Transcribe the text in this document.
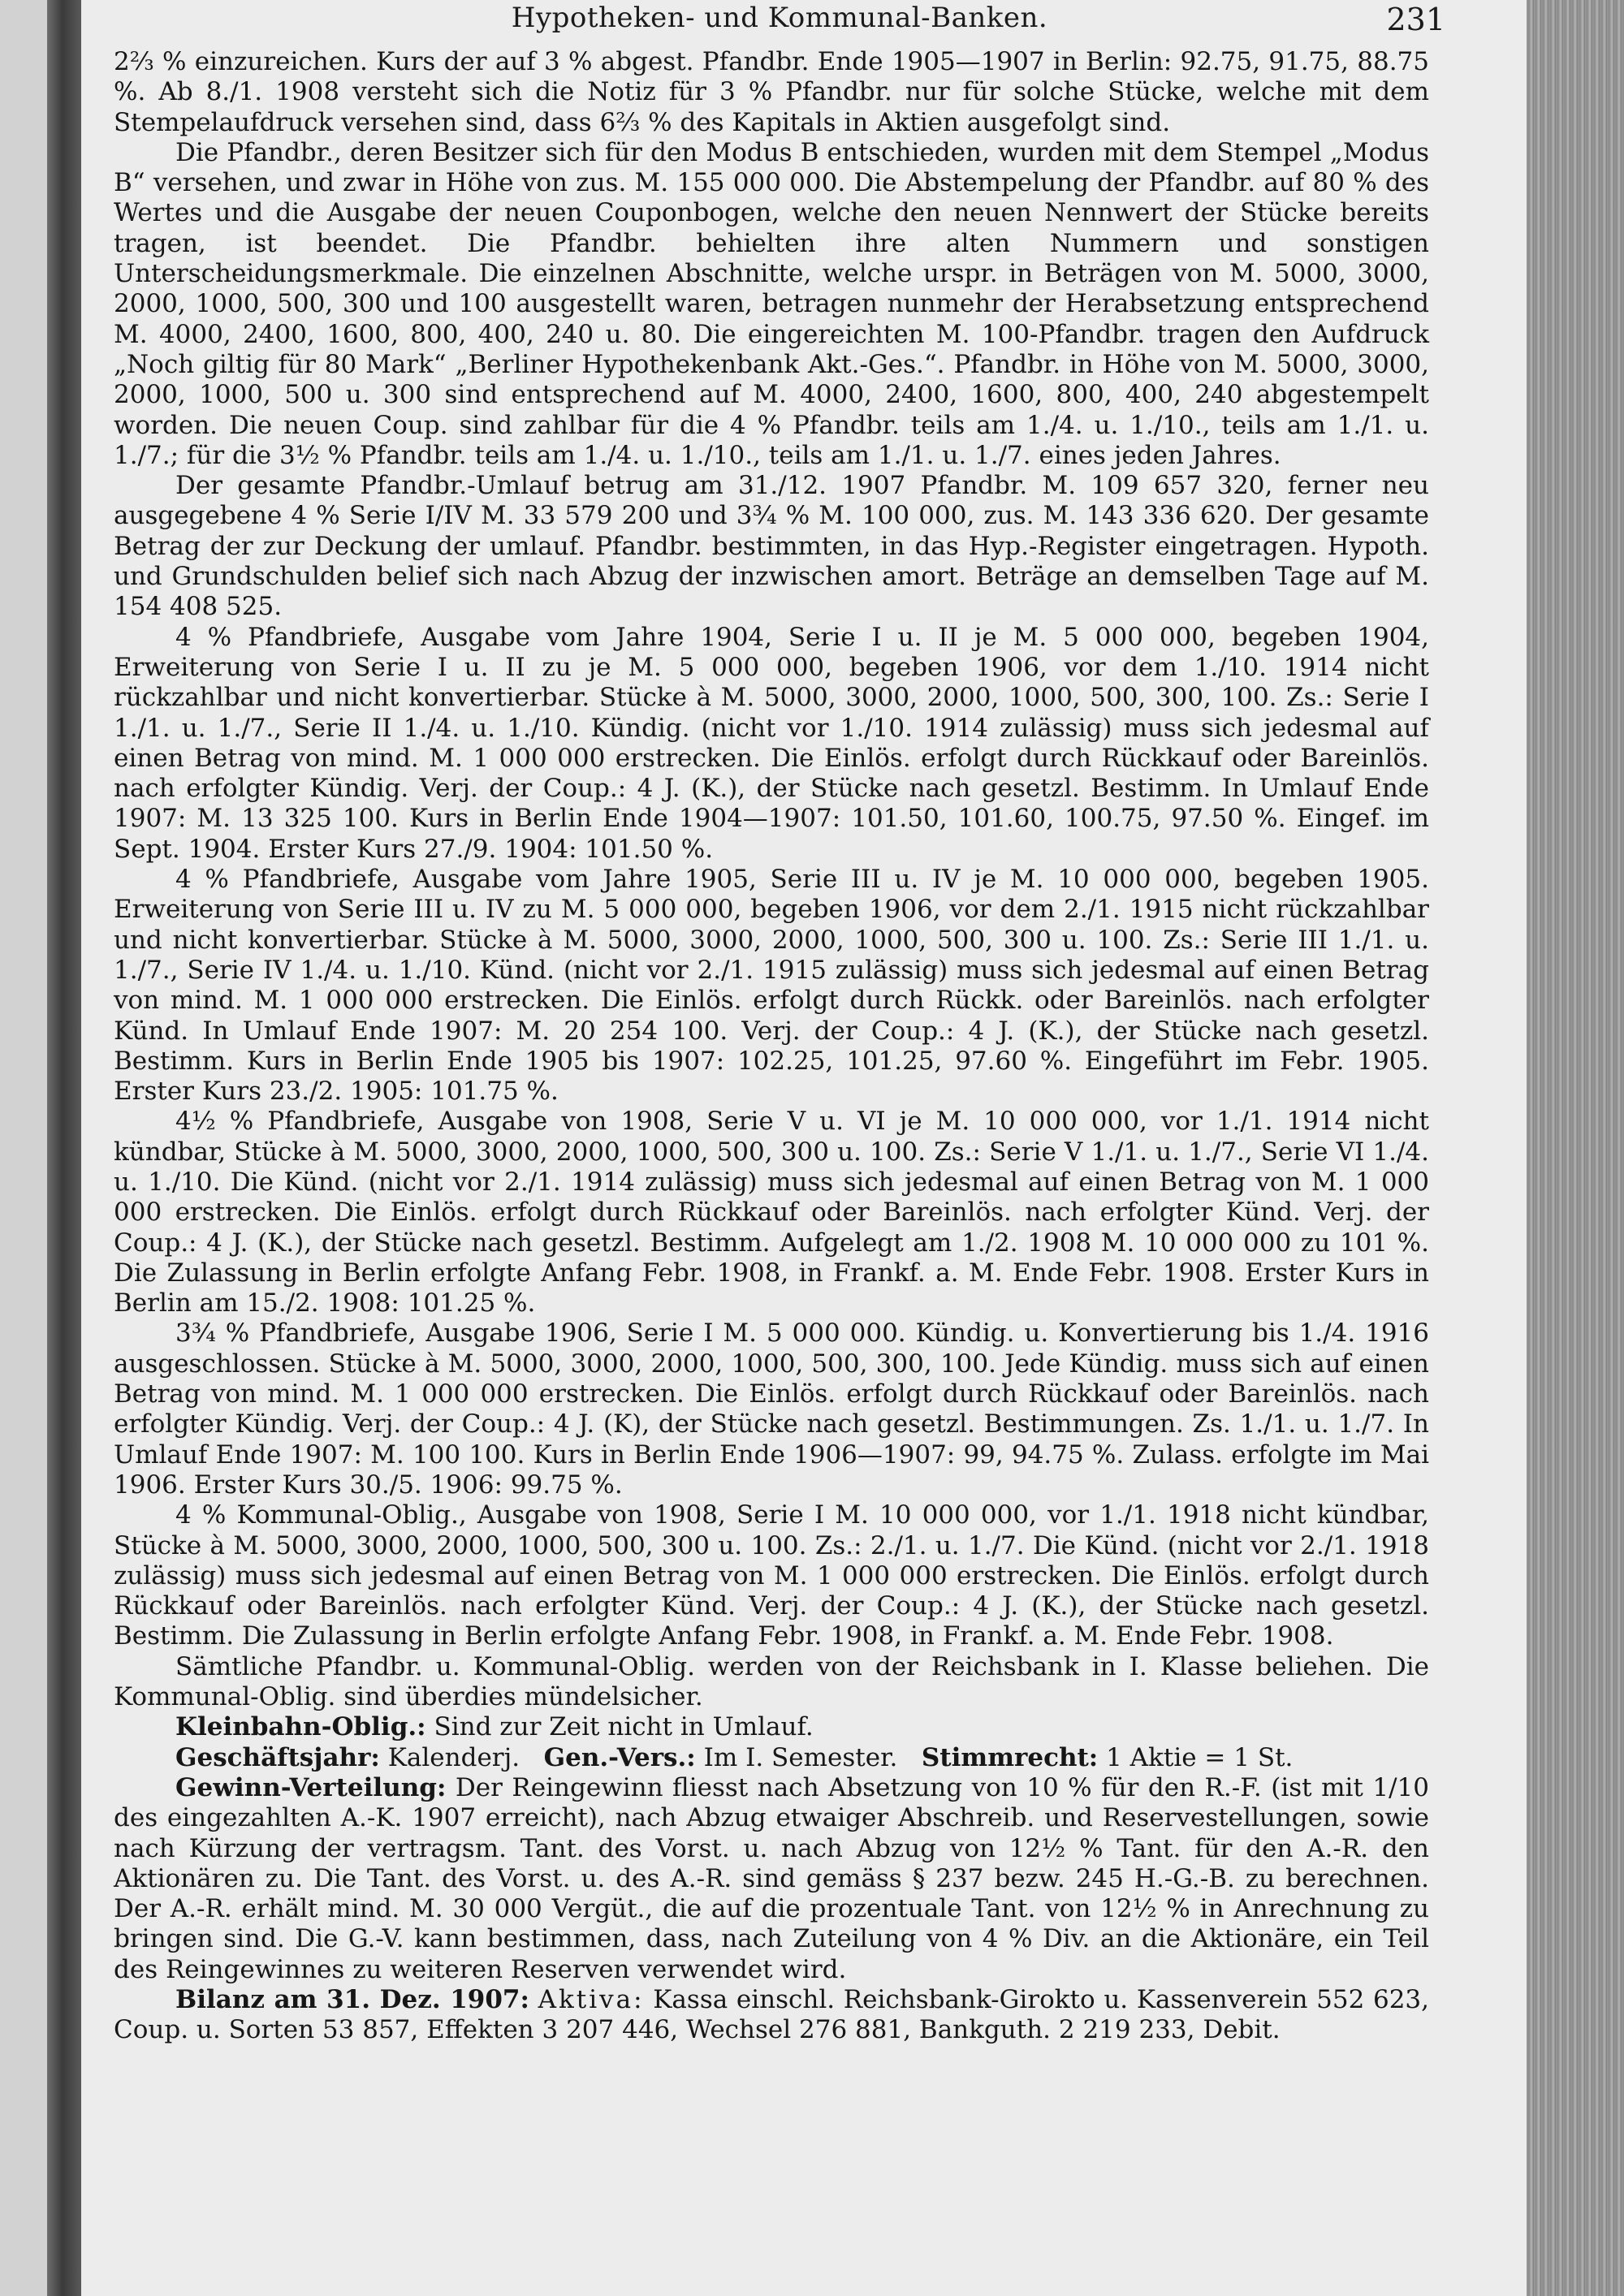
Hypotheken- und Kommunal-Banken.	231

2⅔ % einzureichen. Kurs der auf 3 % abgest. Pfandbr. Ende 1905—1907 in Berlin: 92.75, 91.75, 88.75 %. Ab 8./1. 1908 versteht sich die Notiz für 3 % Pfandbr. nur für solche Stücke, welche mit dem Stempelaufdruck versehen sind, dass 6⅔ % des Kapitals in Aktien ausgefolgt sind.

Die Pfandbr., deren Besitzer sich für den Modus B entschieden, wurden mit dem Stempel „Modus B“ versehen, und zwar in Höhe von zus. M. 155 000 000. Die Abstempelung der Pfandbr. auf 80 % des Wertes und die Ausgabe der neuen Couponbogen, welche den neuen Nennwert der Stücke bereits tragen, ist beendet. Die Pfandbr. behielten ihre alten Nummern und sonstigen Unterscheidungsmerkmale. Die einzelnen Abschnitte, welche urspr. in Beträgen von M. 5000, 3000, 2000, 1000, 500, 300 und 100 ausgestellt waren, betragen nunmehr der Herabsetzung entsprechend M. 4000, 2400, 1600, 800, 400, 240 u. 80. Die eingereichten M. 100-Pfandbr. tragen den Aufdruck „Noch giltig für 80 Mark“ „Berliner Hypothekenbank Akt.-Ges.“. Pfandbr. in Höhe von M. 5000, 3000, 2000, 1000, 500 u. 300 sind entsprechend auf M. 4000, 2400, 1600, 800, 400, 240 abgestempelt worden. Die neuen Coup. sind zahlbar für die 4 % Pfandbr. teils am 1./4. u. 1./10., teils am 1./1. u. 1./7.; für die 3½ % Pfandbr. teils am 1./4. u. 1./10., teils am 1./1. u. 1./7. eines jeden Jahres.

Der gesamte Pfandbr.-Umlauf betrug am 31./12. 1907 Pfandbr. M. 109 657 320, ferner neu ausgegebene 4 % Serie I/IV M. 33 579 200 und 3¾ % M. 100 000, zus. M. 143 336 620. Der gesamte Betrag der zur Deckung der umlauf. Pfandbr. bestimmten, in das Hyp.-Register eingetragen. Hypoth. und Grundschulden belief sich nach Abzug der inzwischen amort. Beträge an demselben Tage auf M. 154 408 525.

4 % Pfandbriefe, Ausgabe vom Jahre 1904, Serie I u. II je M. 5 000 000, begeben 1904, Erweiterung von Serie I u. II zu je M. 5 000 000, begeben 1906, vor dem 1./10. 1914 nicht rückzahlbar und nicht konvertierbar. Stücke à M. 5000, 3000, 2000, 1000, 500, 300, 100. Zs.: Serie I 1./1. u. 1./7., Serie II 1./4. u. 1./10. Kündig. (nicht vor 1./10. 1914 zulässig) muss sich jedesmal auf einen Betrag von mind. M. 1 000 000 erstrecken. Die Einlös. erfolgt durch Rückkauf oder Bareinlös. nach erfolgter Kündig. Verj. der Coup.: 4 J. (K.), der Stücke nach gesetzl. Bestimm. In Umlauf Ende 1907: M. 13 325 100. Kurs in Berlin Ende 1904—1907: 101.50, 101.60, 100.75, 97.50 %. Eingef. im Sept. 1904. Erster Kurs 27./9. 1904: 101.50 %.

4 % Pfandbriefe, Ausgabe vom Jahre 1905, Serie III u. IV je M. 10 000 000, begeben 1905. Erweiterung von Serie III u. IV zu M. 5 000 000, begeben 1906, vor dem 2./1. 1915 nicht rückzahlbar und nicht konvertierbar. Stücke à M. 5000, 3000, 2000, 1000, 500, 300 u. 100. Zs.: Serie III 1./1. u. 1./7., Serie IV 1./4. u. 1./10. Künd. (nicht vor 2./1. 1915 zulässig) muss sich jedesmal auf einen Betrag von mind. M. 1 000 000 erstrecken. Die Einlös. erfolgt durch Rückk. oder Bareinlös. nach erfolgter Künd. In Umlauf Ende 1907: M. 20 254 100. Verj. der Coup.: 4 J. (K.), der Stücke nach gesetzl. Bestimm. Kurs in Berlin Ende 1905 bis 1907: 102.25, 101.25, 97.60 %. Eingeführt im Febr. 1905. Erster Kurs 23./2. 1905: 101.75 %.

4½ % Pfandbriefe, Ausgabe von 1908, Serie V u. VI je M. 10 000 000, vor 1./1. 1914 nicht kündbar, Stücke à M. 5000, 3000, 2000, 1000, 500, 300 u. 100. Zs.: Serie V 1./1. u. 1./7., Serie VI 1./4. u. 1./10. Die Künd. (nicht vor 2./1. 1914 zulässig) muss sich jedesmal auf einen Betrag von M. 1 000 000 erstrecken. Die Einlös. erfolgt durch Rückkauf oder Bareinlös. nach erfolgter Künd. Verj. der Coup.: 4 J. (K.), der Stücke nach gesetzl. Bestimm. Aufgelegt am 1./2. 1908 M. 10 000 000 zu 101 %. Die Zulassung in Berlin erfolgte Anfang Febr. 1908, in Frankf. a. M. Ende Febr. 1908. Erster Kurs in Berlin am 15./2. 1908: 101.25 %.

3¾ % Pfandbriefe, Ausgabe 1906, Serie I M. 5 000 000. Kündig. u. Konvertierung bis 1./4. 1916 ausgeschlossen. Stücke à M. 5000, 3000, 2000, 1000, 500, 300, 100. Jede Kündig. muss sich auf einen Betrag von mind. M. 1 000 000 erstrecken. Die Einlös. erfolgt durch Rückkauf oder Bareinlös. nach erfolgter Kündig. Verj. der Coup.: 4 J. (K), der Stücke nach gesetzl. Bestimmungen. Zs. 1./1. u. 1./7. In Umlauf Ende 1907: M. 100 100. Kurs in Berlin Ende 1906—1907: 99, 94.75 %. Zulass. erfolgte im Mai 1906. Erster Kurs 30./5. 1906: 99.75 %.

4 % Kommunal-Oblig., Ausgabe von 1908, Serie I M. 10 000 000, vor 1./1. 1918 nicht kündbar, Stücke à M. 5000, 3000, 2000, 1000, 500, 300 u. 100. Zs.: 2./1. u. 1./7. Die Künd. (nicht vor 2./1. 1918 zulässig) muss sich jedesmal auf einen Betrag von M. 1 000 000 erstrecken. Die Einlös. erfolgt durch Rückkauf oder Bareinlös. nach erfolgter Künd. Verj. der Coup.: 4 J. (K.), der Stücke nach gesetzl. Bestimm. Die Zulassung in Berlin erfolgte Anfang Febr. 1908, in Frankf. a. M. Ende Febr. 1908.

Sämtliche Pfandbr. u. Kommunal-Oblig. werden von der Reichsbank in I. Klasse beliehen. Die Kommunal-Oblig. sind überdies mündelsicher.

Kleinbahn-Oblig.: Sind zur Zeit nicht in Umlauf.

Geschäftsjahr: Kalenderj. Gen.-Vers.: Im I. Semester. Stimmrecht: 1 Aktie = 1 St.

Gewinn-Verteilung: Der Reingewinn fliesst nach Absetzung von 10 % für den R.-F. (ist mit 1/10 des eingezahlten A.-K. 1907 erreicht), nach Abzug etwaiger Abschreib. und Reservestellungen, sowie nach Kürzung der vertragsm. Tant. des Vorst. u. nach Abzug von 12½ % Tant. für den A.-R. den Aktionären zu. Die Tant. des Vorst. u. des A.-R. sind gemäss § 237 bezw. 245 H.-G.-B. zu berechnen. Der A.-R. erhält mind. M. 30 000 Vergüt., die auf die prozentuale Tant. von 12½ % in Anrechnung zu bringen sind. Die G.-V. kann bestimmen, dass, nach Zuteilung von 4 % Div. an die Aktionäre, ein Teil des Reingewinnes zu weiteren Reserven verwendet wird.

Bilanz am 31. Dez. 1907: Aktiva: Kassa einschl. Reichsbank-Girokto u. Kassenverein 552 623, Coup. u. Sorten 53 857, Effekten 3 207 446, Wechsel 276 881, Bankguth. 2 219 233, Debit.
